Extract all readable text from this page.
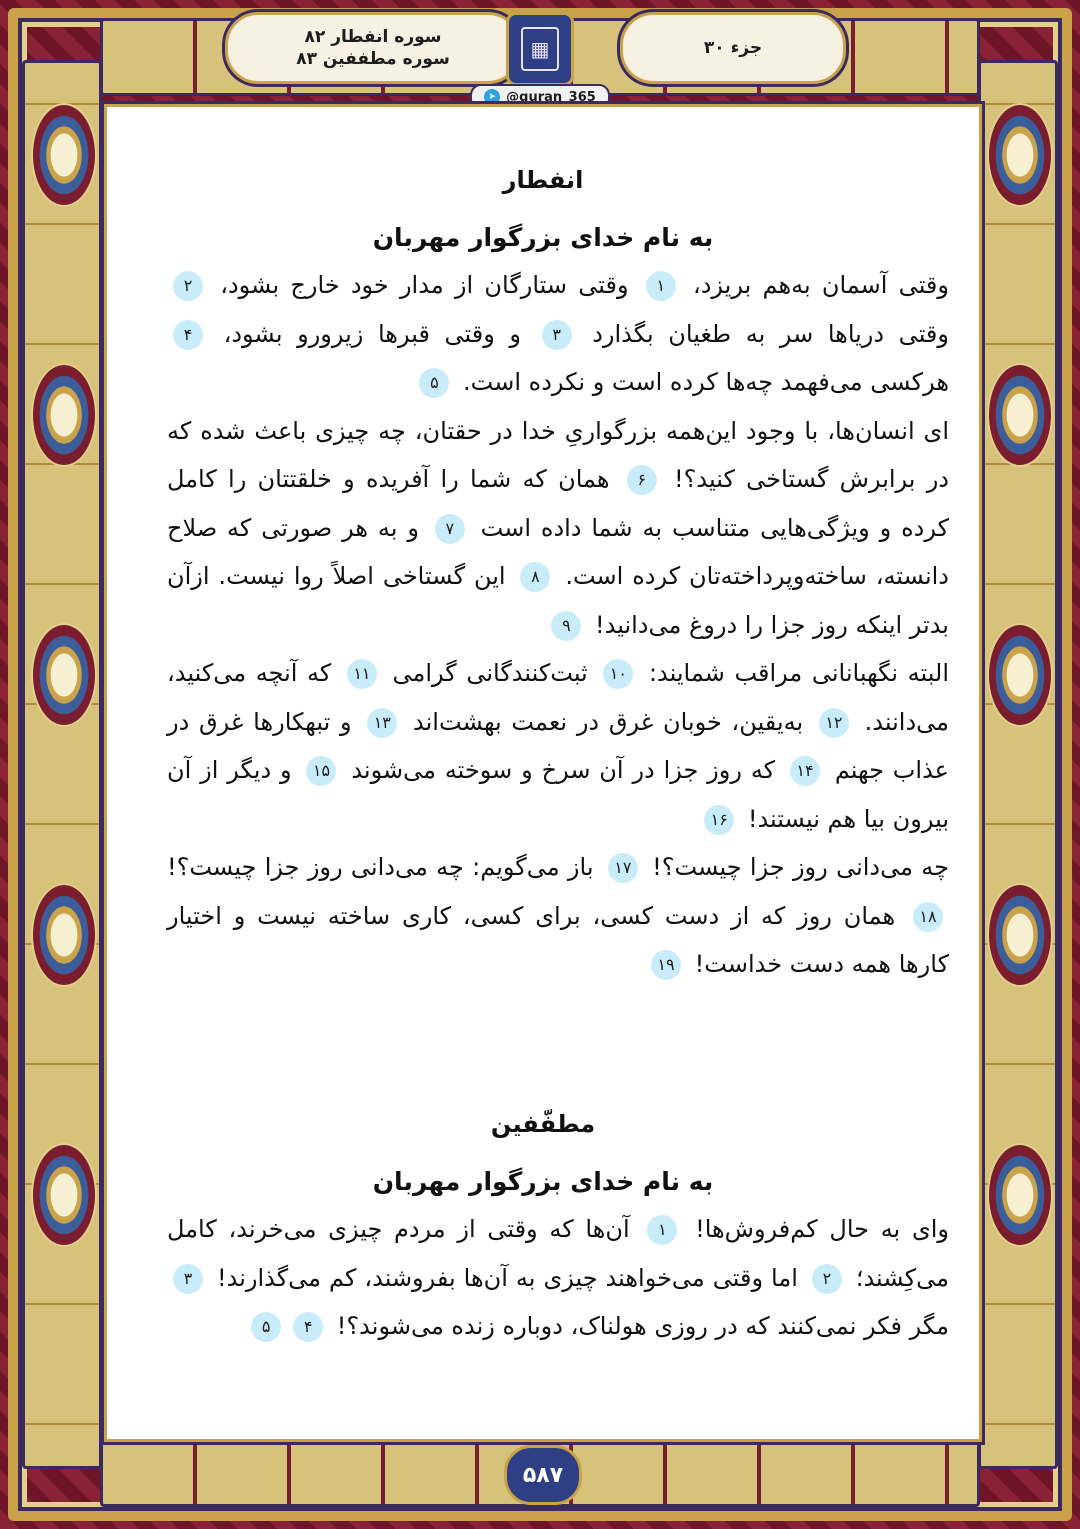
سوره انفطار ۸۲
سوره مطففین ۸۳	▦	جزء ۳۰
➤ @quran_365
انفطار
به نام خدای بزرگوار مهربان

وقتی آسمان به‌هم بریزد، ۱ وقتی ستارگان از مدار خود خارج بشود، ۲ وقتی دریاها سر به طغیان بگذارد ۳ و وقتی قبرها زیرورو بشود، ۴ هرکسی می‌فهمد چه‌ها کرده است و نکرده است. ۵

ای انسان‌ها، با وجود این‌همه بزرگواریِ خدا در حقتان، چه چیزی باعث شده که در برابرش گستاخی کنید؟! ۶ همان که شما را آفریده و خلقتتان را کامل کرده و ویژگی‌هایی متناسب به شما داده است ۷ و به هر صورتی که صلاح دانسته، ساخته‌وپرداخته‌تان کرده است. ۸ این گستاخی اصلاً روا نیست. ازآن بدتر اینکه روز جزا را دروغ می‌دانید! ۹

البته نگهبانانی مراقب شمایند: ۱۰ ثبت‌کنندگانی گرامی ۱۱ که آنچه می‌کنید، می‌دانند. ۱۲ به‌یقین، خوبان غرق در نعمت بهشت‌اند ۱۳ و تبهکارها غرق در عذاب جهنم ۱۴ که روز جزا در آن سرخ و سوخته می‌شوند ۱۵ و دیگر از آن بیرون بیا هم نیستند! ۱۶

چه می‌دانی روز جزا چیست؟! ۱۷ باز می‌گویم: چه می‌دانی روز جزا چیست؟! ۱۸ همان روز که از دست کسی، برای کسی، کاری ساخته نیست و اختیار کارها همه دست خداست! ۱۹

مطفّفین
به نام خدای بزرگوار مهربان

وای به حال کم‌فروش‌ها! ۱ آن‌ها که وقتی از مردم چیزی می‌خرند، کامل می‌کِشند؛ ۲ اما وقتی می‌خواهند چیزی به آن‌ها بفروشند، کم می‌گذارند! ۳ مگر فکر نمی‌کنند که در روزی هولناک، دوباره زنده می‌شوند؟! ۴۵

۵۸۷
